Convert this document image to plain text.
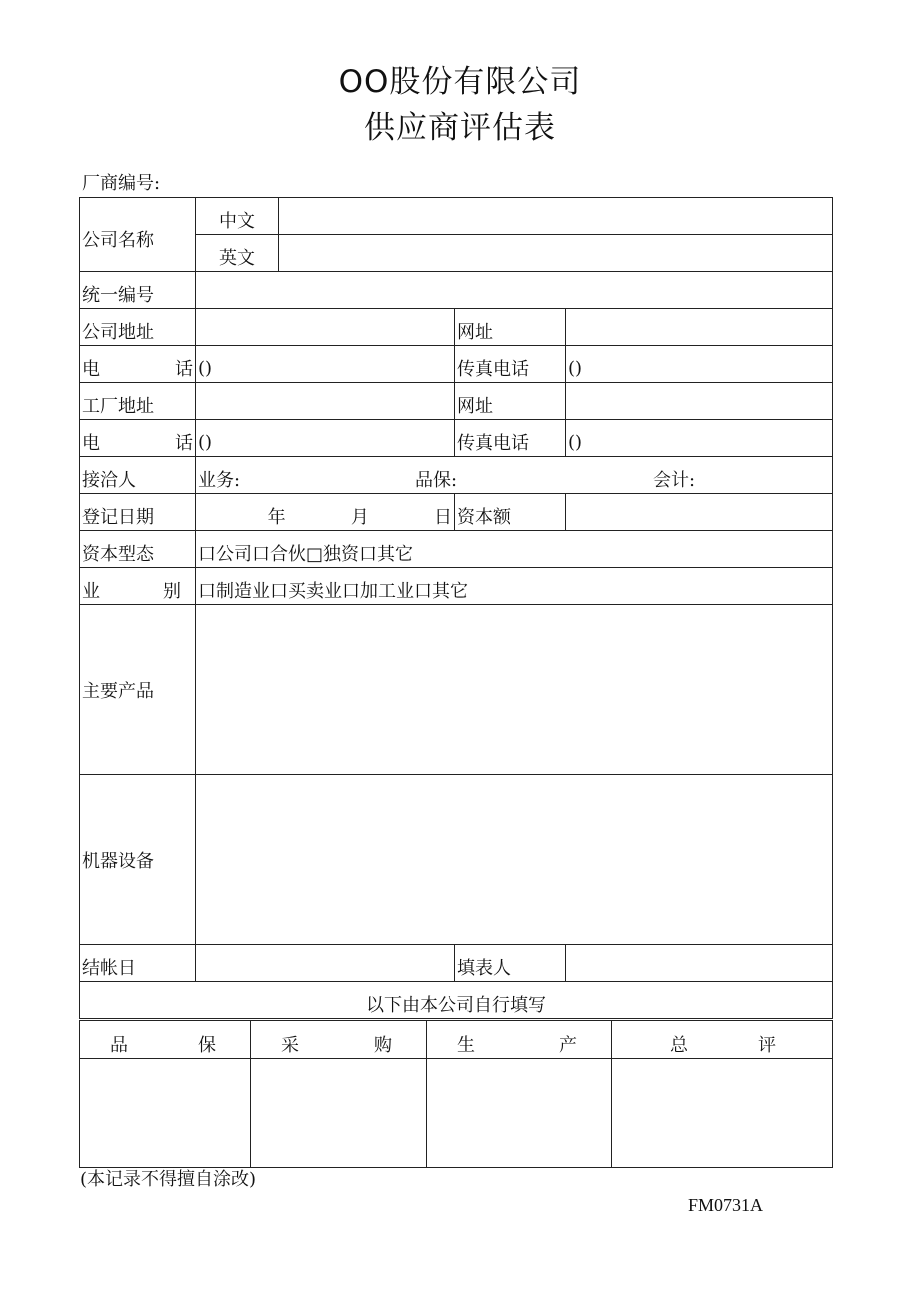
OO股份有限公司
供应商评估表
厂商编号:
公司名称	中文			
	英文			
统一编号				
公司地址			网址	

电 话	()		传真电话	()
工厂地址			网址	

电 话	()		传真电话	()
接洽人	业务: 品保: 会计:			

登记日期	年 月 日		资本额	
资本型态	口公司口合伙□独资口其它			

业 别	口制造业口买卖业口加工业口其它			
主要产品				
机器设备				
结帐日			填表人	
以下由本公司自行填写				
品 保	采 购	生 产	总 评

(本记录不得擅自涂改)
FM0731A
